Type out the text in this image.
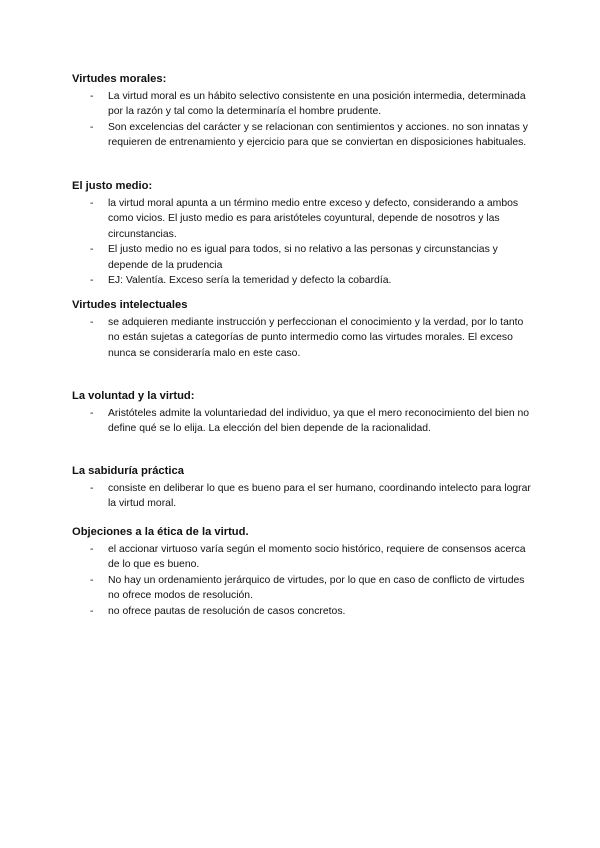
Virtudes morales:

- La virtud moral es un hábito selectivo consistente en una posición intermedia, determinada por la razón y tal como la determinaría el hombre prudente.
- Son excelencias del carácter y se relacionan con sentimientos y acciones. no son innatas y requieren de entrenamiento y ejercicio para que se conviertan en disposiciones habituales.

El justo medio:

- la virtud moral apunta a un término medio entre exceso y defecto, considerando a ambos como vicios. El justo medio es para aristóteles coyuntural, depende de nosotros y las circunstancias.
- El justo medio no es igual para todos, si no relativo a las personas y circunstancias y depende de la prudencia
- EJ: Valentía. Exceso sería la temeridad y defecto la cobardía.

Virtudes intelectuales

- se adquieren mediante instrucción y perfeccionan el conocimiento y la verdad, por lo tanto no están sujetas a categorías de punto intermedio como las virtudes morales. El exceso nunca se consideraría malo en este caso.

La voluntad y la virtud:

- Aristóteles admite la voluntariedad del individuo, ya que el mero reconocimiento del bien no define qué se lo elija. La elección del bien depende de la racionalidad.

La sabiduría práctica

- consiste en deliberar lo que es bueno para el ser humano, coordinando intelecto para lograr la virtud moral.

Objeciones a la ética de la virtud.

- el accionar virtuoso varía según el momento socio histórico, requiere de consensos acerca de lo que es bueno.
- No hay un ordenamiento jerárquico de virtudes, por lo que en caso de conflicto de virtudes no ofrece modos de resolución.
- no ofrece pautas de resolución de casos concretos.
